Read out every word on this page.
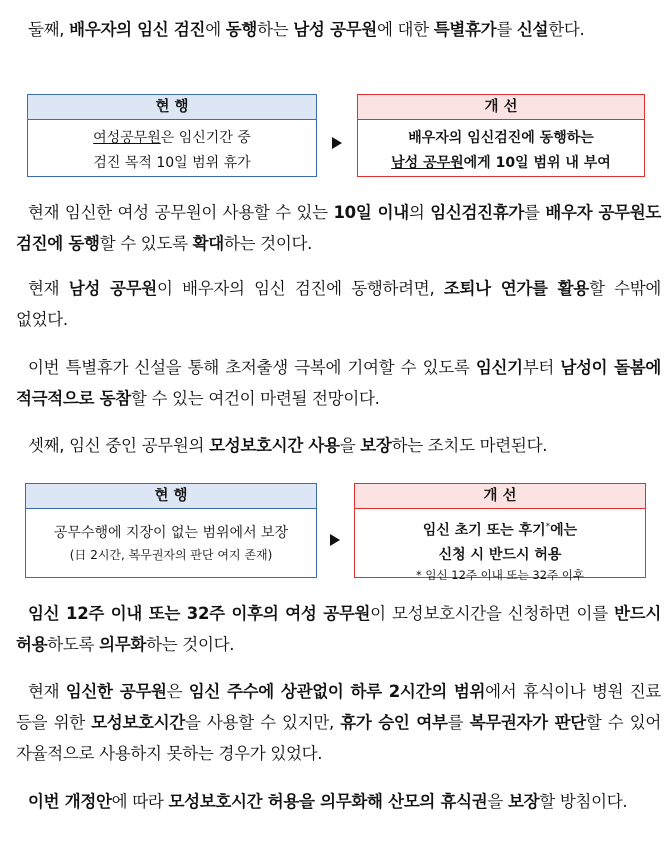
둘째, 배우자의 임신 검진에 동행하는 남성 공무원에 대한 특별휴가를 신설한다.

현 행
여성공무원은 임신기간 중
검진 목적 10일 범위 휴가
개 선
배우자의 임신검진에 동행하는
남성 공무원에게 10일 범위 내 부여

현재 임신한 여성 공무원이 사용할 수 있는 10일 이내의 임신검진휴가를 배우자 공무원도 검진에 동행할 수 있도록 확대하는 것이다.

현재 남성 공무원이 배우자의 임신 검진에 동행하려면, 조퇴나 연가를 활용할 수밖에 없었다.

이번 특별휴가 신설을 통해 초저출생 극복에 기여할 수 있도록 임신기부터 남성이 돌봄에 적극적으로 동참할 수 있는 여건이 마련될 전망이다.

셋째, 임신 중인 공무원의 모성보호시간 사용을 보장하는 조치도 마련된다.

현 행
공무수행에 지장이 없는 범위에서 보장
(日 2시간, 복무권자의 판단 여지 존재)
개 선
임신 초기 또는 후기*에는
신청 시 반드시 허용
* 임신 12주 이내 또는 32주 이후

임신 12주 이내 또는 32주 이후의 여성 공무원이 모성보호시간을 신청하면 이를 반드시 허용하도록 의무화하는 것이다.

현재 임신한 공무원은 임신 주수에 상관없이 하루 2시간의 범위에서 휴식이나 병원 진료 등을 위한 모성보호시간을 사용할 수 있지만, 휴가 승인 여부를 복무권자가 판단할 수 있어 자율적으로 사용하지 못하는 경우가 있었다.

이번 개정안에 따라 모성보호시간 허용을 의무화해 산모의 휴식권을 보장할 방침이다.
